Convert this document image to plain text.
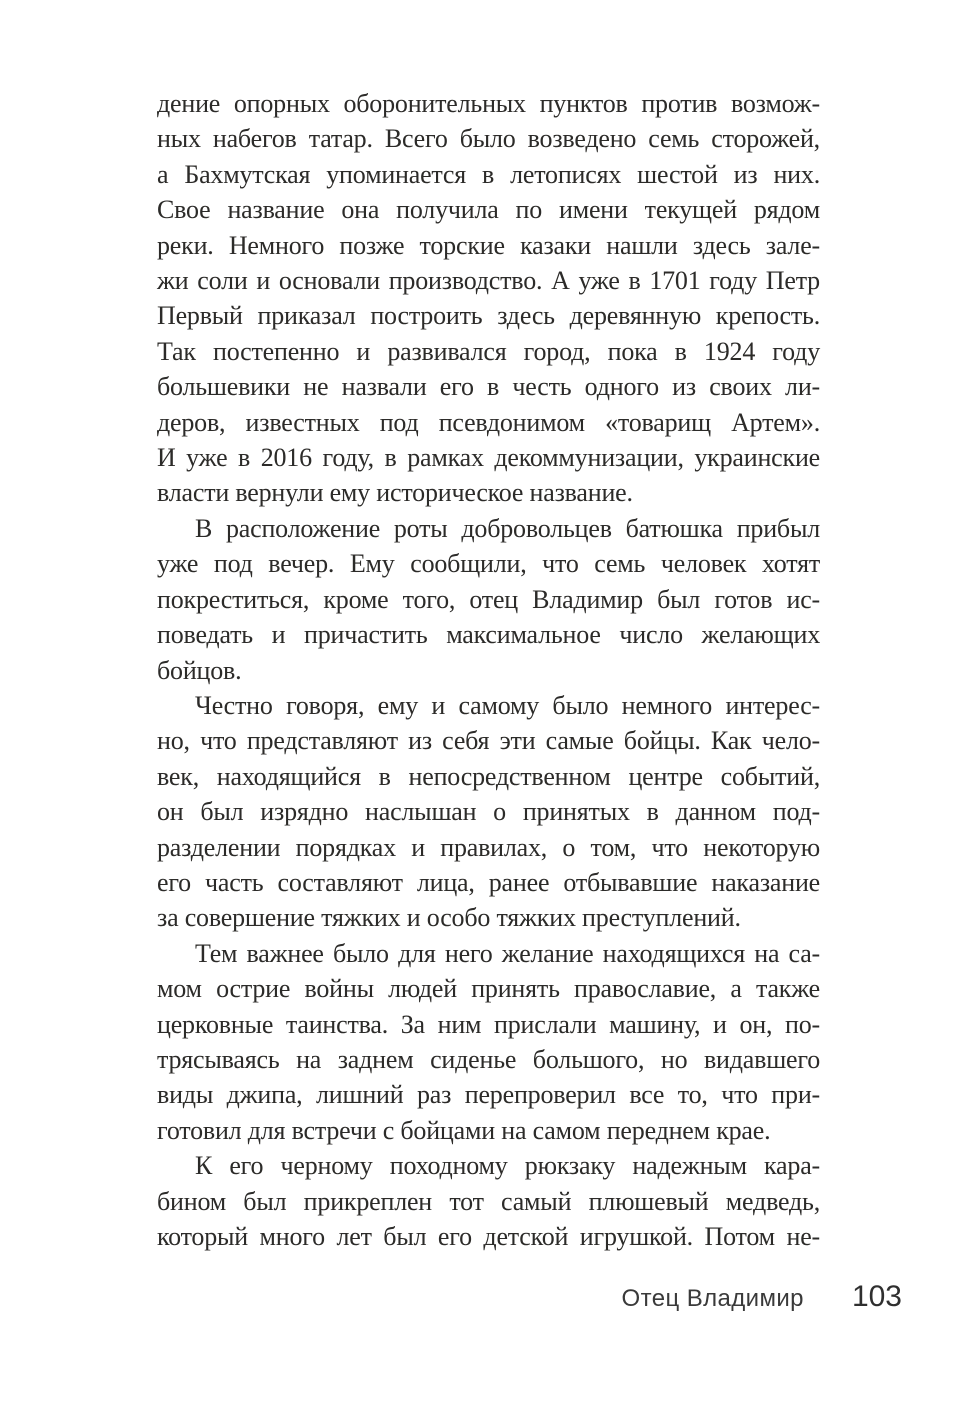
дение опорных оборонительных пунктов против возмож-
ных набегов татар. Всего было возведено семь сторожей,
а Бахмутская упоминается в летописях шестой из них.
Свое название она получила по имени текущей рядом
реки. Немного позже торские казаки нашли здесь зале-
жи соли и основали производство. А уже в 1701 году Петр
Первый приказал построить здесь деревянную крепость.
Так постепенно и развивался город, пока в 1924 году
большевики не назвали его в честь одного из своих ли-
деров, известных под псевдонимом «товарищ Артем».
И уже в 2016 году, в рамках декоммунизации, украинские
власти вернули ему историческое название.
В расположение роты добровольцев батюшка прибыл
уже под вечер. Ему сообщили, что семь человек хотят
покреститься, кроме того, отец Владимир был готов ис-
поведать и причастить максимальное число желающих
бойцов.
Честно говоря, ему и самому было немного интерес-
но, что представляют из себя эти самые бойцы. Как чело-
век, находящийся в непосредственном центре событий,
он был изрядно наслышан о принятых в данном под-
разделении порядках и правилах, о том, что некоторую
его часть составляют лица, ранее отбывавшие наказание
за совершение тяжких и особо тяжких преступлений.
Тем важнее было для него желание находящихся на са-
мом острие войны людей принять православие, а также
церковные таинства. За ним прислали машину, и он, по-
трясываясь на заднем сиденье большого, но видавшего
виды джипа, лишний раз перепроверил все то, что при-
готовил для встречи с бойцами на самом переднем крае.
К его черному походному рюкзаку надежным кара-
бином был прикреплен тот самый плюшевый медведь,
который много лет был его детской игрушкой. Потом не-
Отец Владимир 103
